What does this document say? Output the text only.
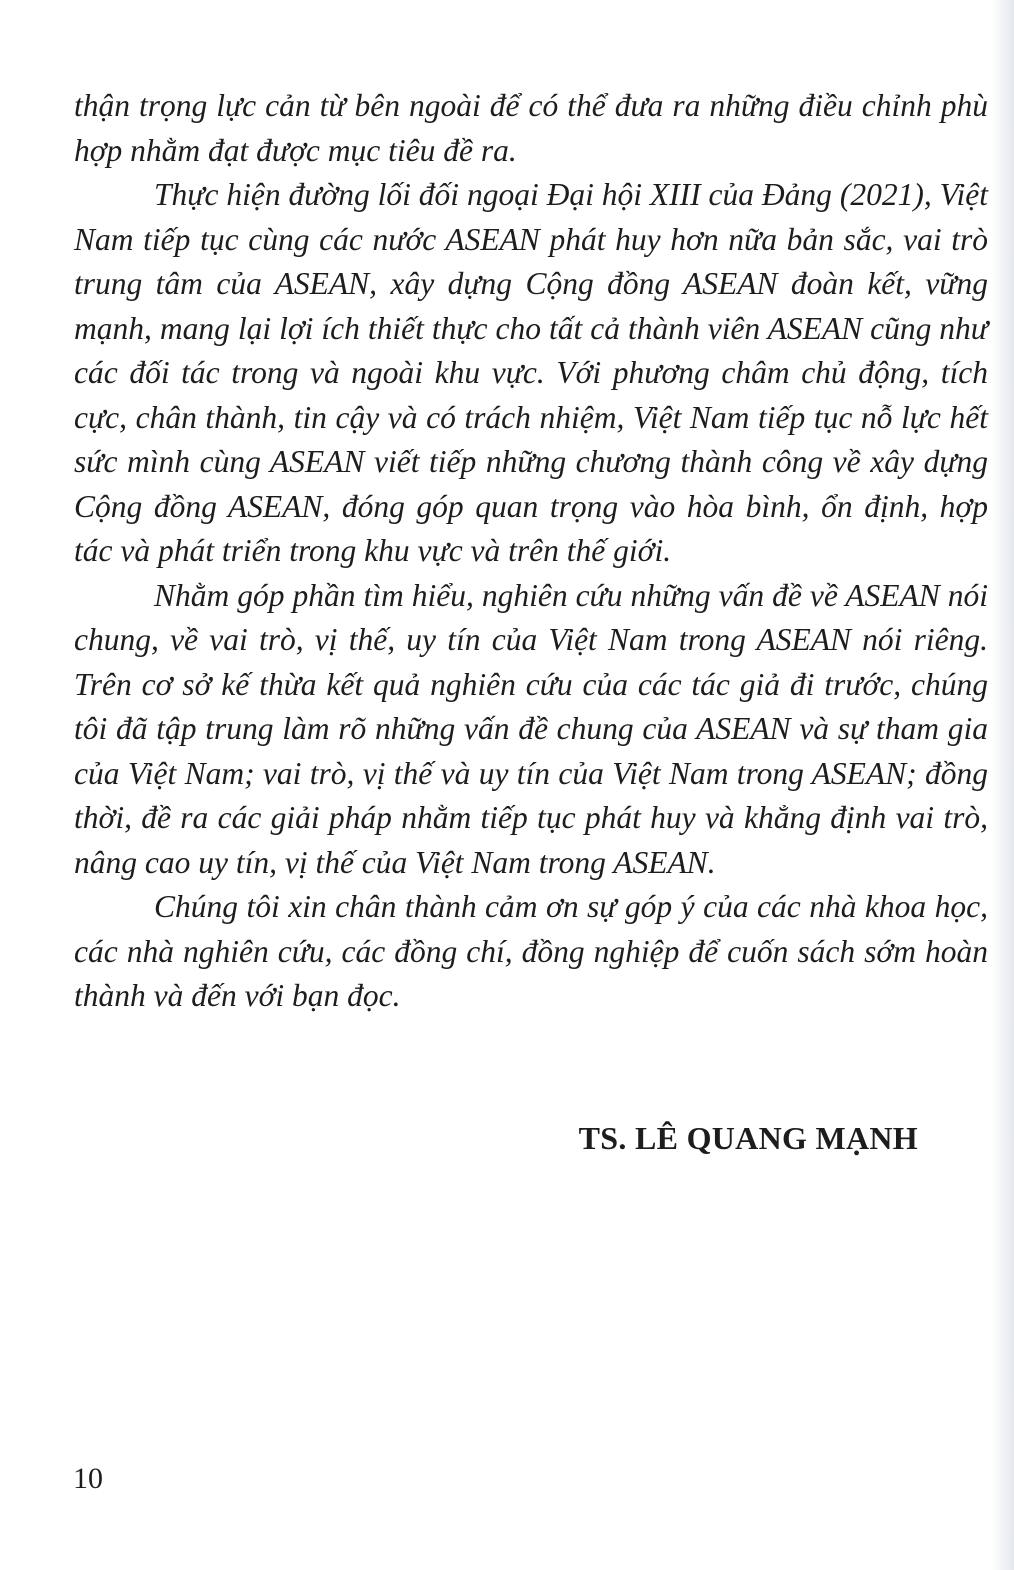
thận trọng lực cản từ bên ngoài để có thể đưa ra những điều chỉnh phù hợp nhằm đạt được mục tiêu đề ra.

Thực hiện đường lối đối ngoại Đại hội XIII của Đảng (2021), Việt Nam tiếp tục cùng các nước ASEAN phát huy hơn nữa bản sắc, vai trò trung tâm của ASEAN, xây dựng Cộng đồng ASEAN đoàn kết, vững mạnh, mang lại lợi ích thiết thực cho tất cả thành viên ASEAN cũng như các đối tác trong và ngoài khu vực. Với phương châm chủ động, tích cực, chân thành, tin cậy và có trách nhiệm, Việt Nam tiếp tục nỗ lực hết sức mình cùng ASEAN viết tiếp những chương thành công về xây dựng Cộng đồng ASEAN, đóng góp quan trọng vào hòa bình, ổn định, hợp tác và phát triển trong khu vực và trên thế giới.

Nhằm góp phần tìm hiểu, nghiên cứu những vấn đề về ASEAN nói chung, về vai trò, vị thế, uy tín của Việt Nam trong ASEAN nói riêng. Trên cơ sở kế thừa kết quả nghiên cứu của các tác giả đi trước, chúng tôi đã tập trung làm rõ những vấn đề chung của ASEAN và sự tham gia của Việt Nam; vai trò, vị thế và uy tín của Việt Nam trong ASEAN; đồng thời, đề ra các giải pháp nhằm tiếp tục phát huy và khẳng định vai trò, nâng cao uy tín, vị thế của Việt Nam trong ASEAN.

Chúng tôi xin chân thành cảm ơn sự góp ý của các nhà khoa học, các nhà nghiên cứu, các đồng chí, đồng nghiệp để cuốn sách sớm hoàn thành và đến với bạn đọc.

TS. LÊ QUANG MẠNH

10
